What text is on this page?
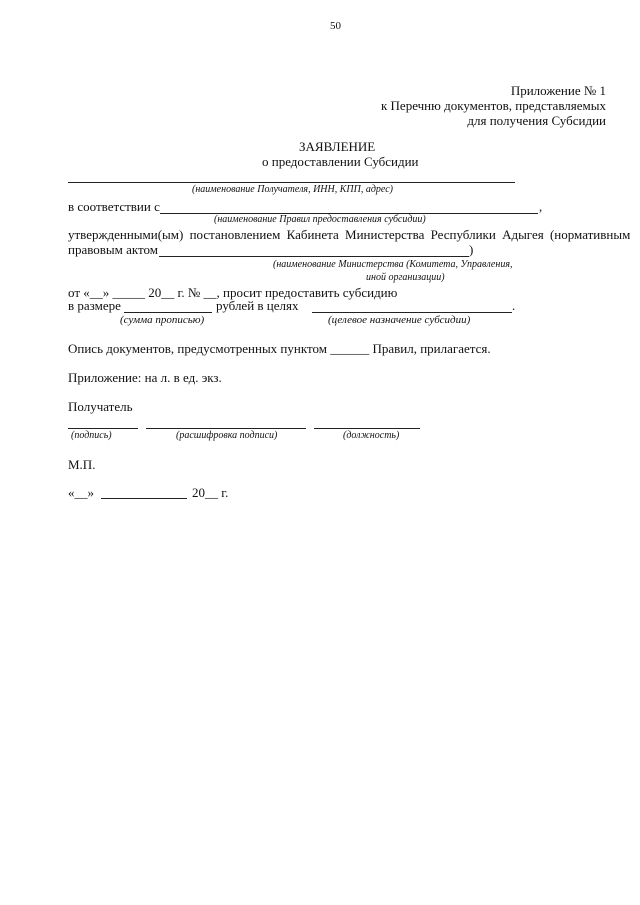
50
Приложение № 1
к Перечню документов, представляемых
для получения Субсидии
ЗАЯВЛЕНИЕ
о предоставлении Субсидии
(наименование Получателя, ИНН, КПП, адрес)
в соответствии с	,
(наименование Правил предоставления субсидии)
утвержденными(ым) постановлением Кабинета Министерства Республики Адыгея (нормативным
правовым актом	)
(наименование Министерства (Комитета, Управления,
иной организации)
от «__» _____ 20__ г. № __, просит предоставить субсидию
в размере	рублей в целях	.
(сумма прописью)	(целевое назначение субсидии)
Опись документов, предусмотренных пунктом ______ Правил, прилагается.
Приложение: на л. в ед. экз.
Получатель
(подпись)	(расшифровка подписи)	(должность)
М.П.
«__»	20__ г.
